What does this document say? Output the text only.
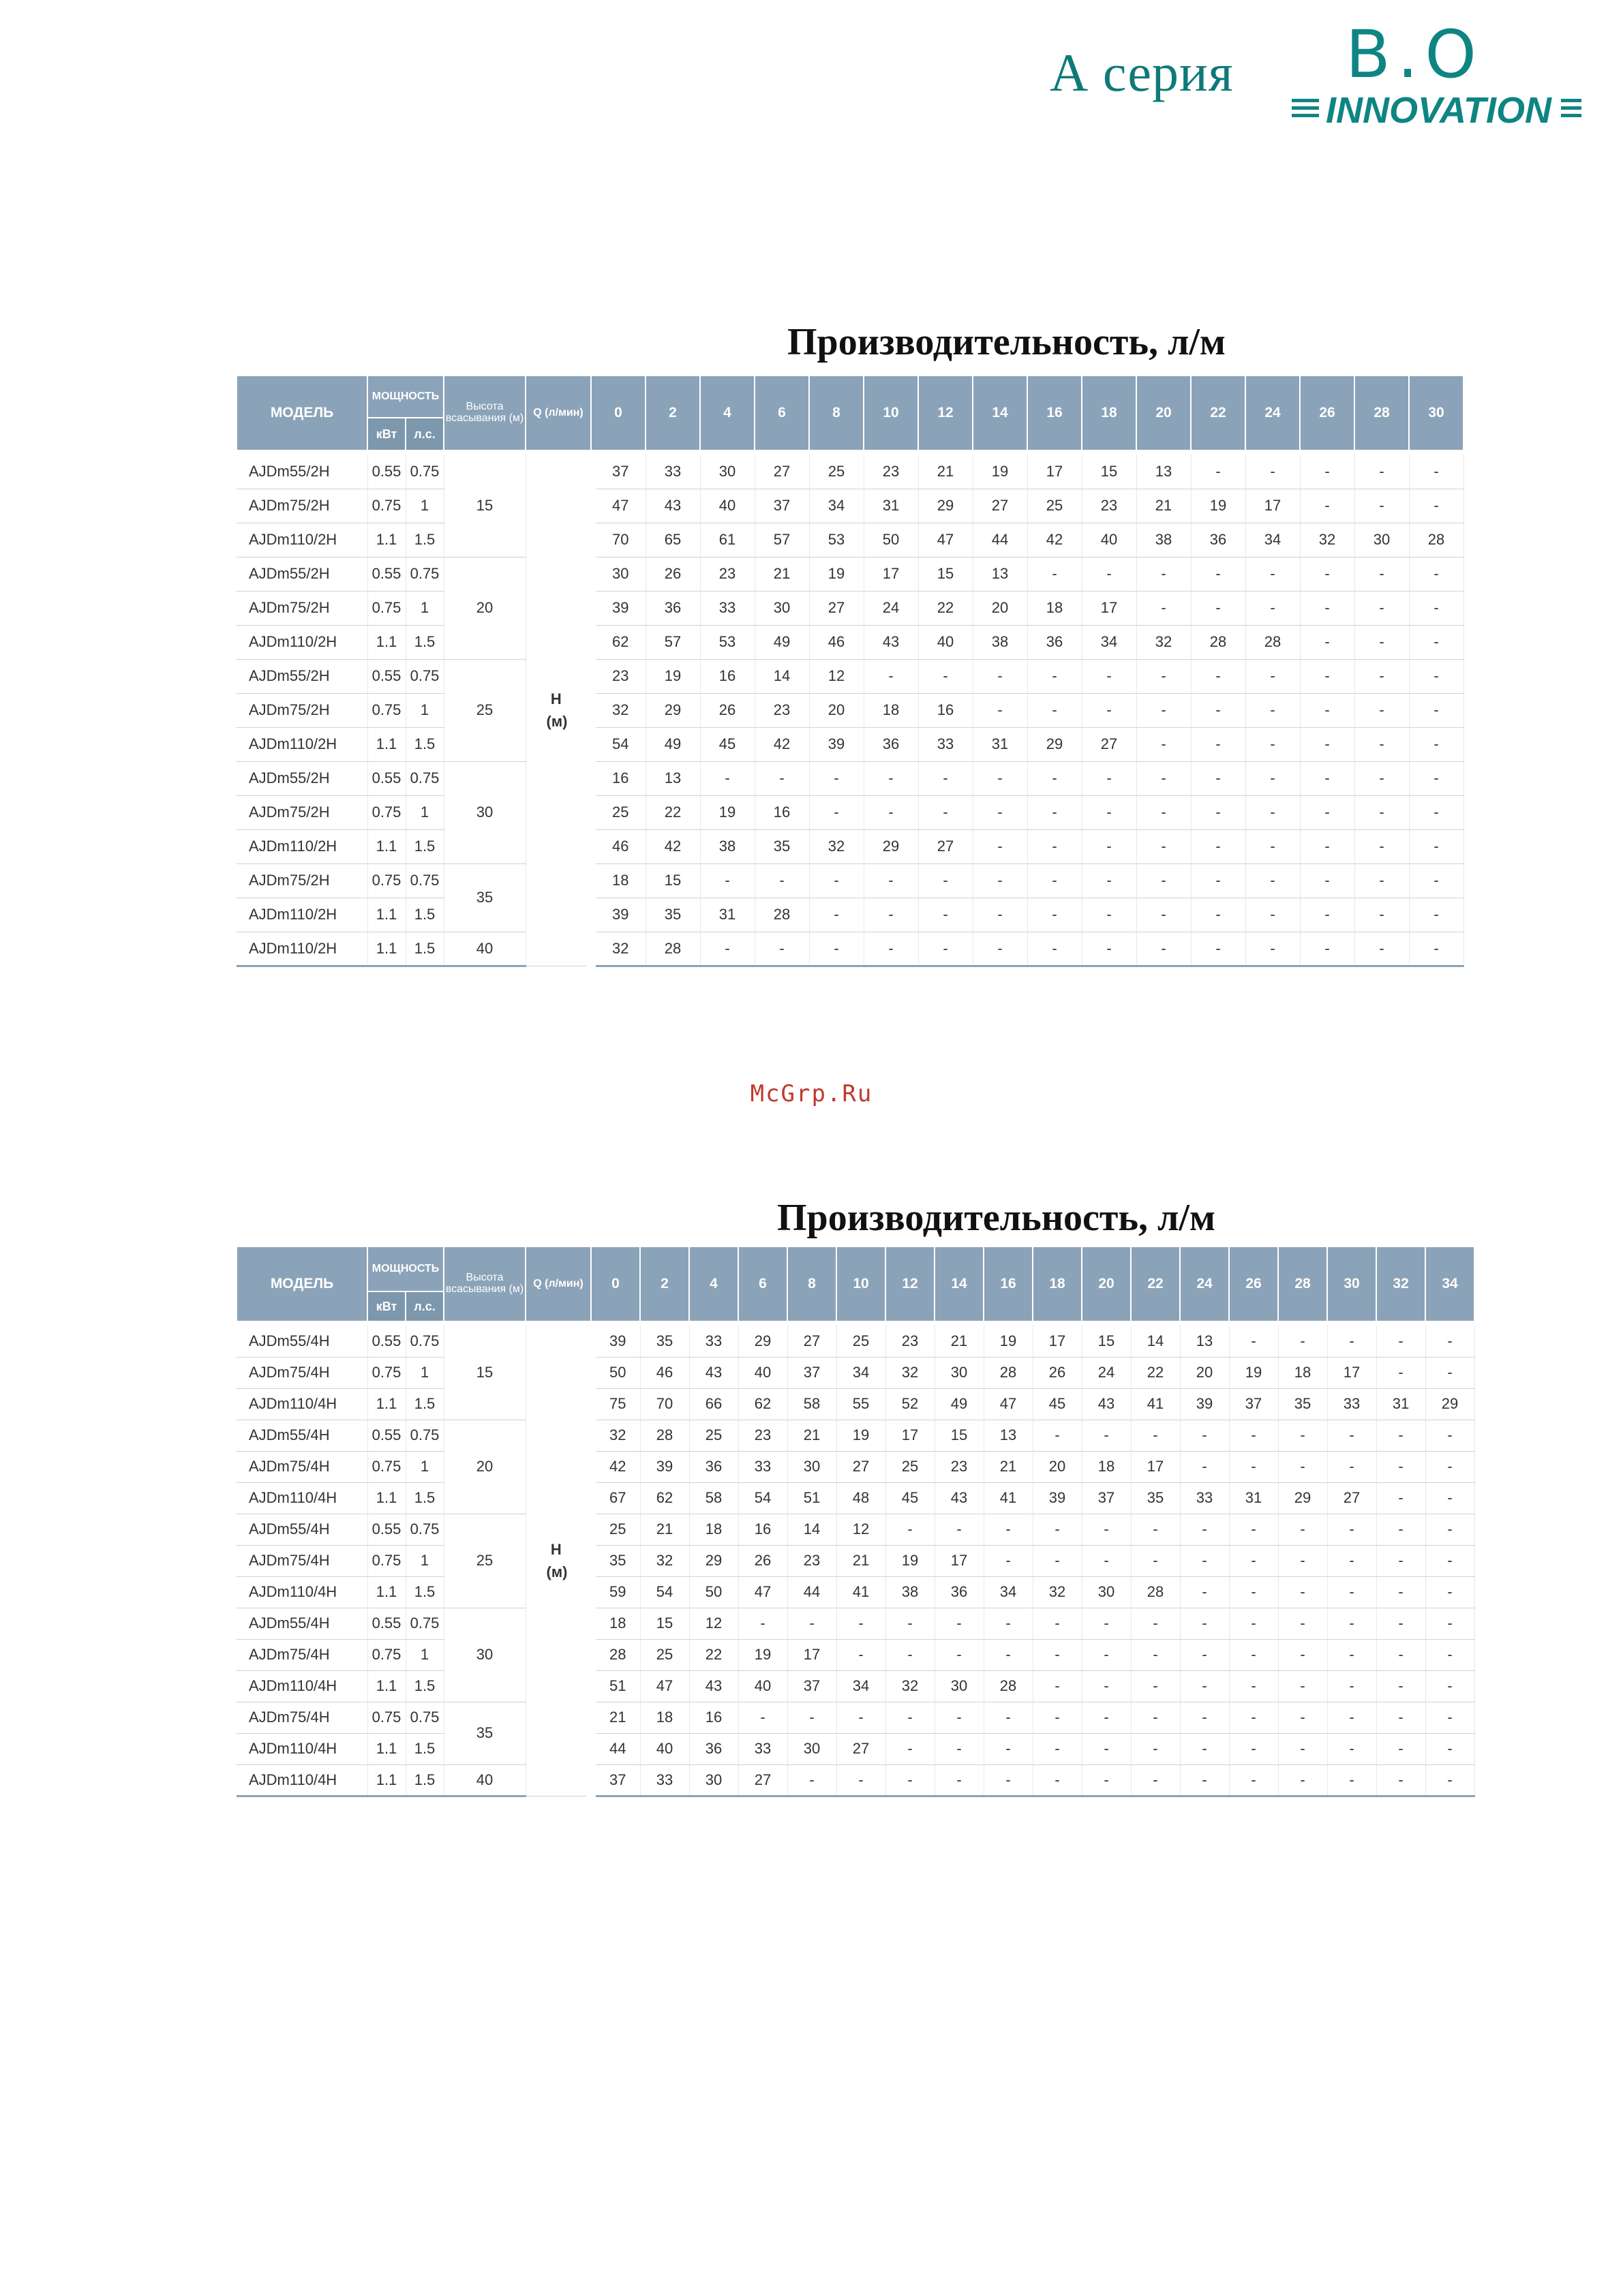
А серия B.O
INNOVATION
Производительность, л/м
МОДЕЛЬ	МОЩНОСТЬ		Высота всасывания (м)	Q (л/мин)	0	2	4	6	8	10	12	14	16	18	20	22	24	26	28	30
	кВт	л.с.																		

AJDm55/2H	0.55	0.75	15	H (м)	37	33	30	27	25	23	21	19	17	15	13	-	-	-	-	-
AJDm75/2H	0.75	1			47	43	40	37	34	31	29	27	25	23	21	19	17	-	-	-
AJDm110/2H	1.1	1.5			70	65	61	57	53	50	47	44	42	40	38	36	34	32	30	28
AJDm55/2H	0.55	0.75	20		30	26	23	21	19	17	15	13	-	-	-	-	-	-	-	-
AJDm75/2H	0.75	1			39	36	33	30	27	24	22	20	18	17	-	-	-	-	-	-
AJDm110/2H	1.1	1.5			62	57	53	49	46	43	40	38	36	34	32	28	28	-	-	-
AJDm55/2H	0.55	0.75	25		23	19	16	14	12	-	-	-	-	-	-	-	-	-	-	-
AJDm75/2H	0.75	1			32	29	26	23	20	18	16	-	-	-	-	-	-	-	-	-
AJDm110/2H	1.1	1.5			54	49	45	42	39	36	33	31	29	27	-	-	-	-	-	-
AJDm55/2H	0.55	0.75	30		16	13	-	-	-	-	-	-	-	-	-	-	-	-	-	-
AJDm75/2H	0.75	1			25	22	19	16	-	-	-	-	-	-	-	-	-	-	-	-
AJDm110/2H	1.1	1.5			46	42	38	35	32	29	27	-	-	-	-	-	-	-	-	-
AJDm75/2H	0.75	0.75	35		18	15	-	-	-	-	-	-	-	-	-	-	-	-	-	-
AJDm110/2H	1.1	1.5			39	35	31	28	-	-	-	-	-	-	-	-	-	-	-	-
AJDm110/2H	1.1	1.5	40		32	28	-	-	-	-	-	-	-	-	-	-	-	-	-	-
McGrp.Ru
Производительность, л/м
МОДЕЛЬ	МОЩНОСТЬ		Высота всасывания (м)	Q (л/мин)	0	2	4	6	8	10	12	14	16	18	20	22	24	26	28	30	32	34
	кВт	л.с.																				

AJDm55/4H	0.55	0.75	15	H (м)	39	35	33	29	27	25	23	21	19	17	15	14	13	-	-	-	-	-
AJDm75/4H	0.75	1			50	46	43	40	37	34	32	30	28	26	24	22	20	19	18	17	-	-
AJDm110/4H	1.1	1.5			75	70	66	62	58	55	52	49	47	45	43	41	39	37	35	33	31	29
AJDm55/4H	0.55	0.75	20		32	28	25	23	21	19	17	15	13	-	-	-	-	-	-	-	-	-
AJDm75/4H	0.75	1			42	39	36	33	30	27	25	23	21	20	18	17	-	-	-	-	-	-
AJDm110/4H	1.1	1.5			67	62	58	54	51	48	45	43	41	39	37	35	33	31	29	27	-	-
AJDm55/4H	0.55	0.75	25		25	21	18	16	14	12	-	-	-	-	-	-	-	-	-	-	-	-
AJDm75/4H	0.75	1			35	32	29	26	23	21	19	17	-	-	-	-	-	-	-	-	-	-
AJDm110/4H	1.1	1.5			59	54	50	47	44	41	38	36	34	32	30	28	-	-	-	-	-	-
AJDm55/4H	0.55	0.75	30		18	15	12	-	-	-	-	-	-	-	-	-	-	-	-	-	-	-
AJDm75/4H	0.75	1			28	25	22	19	17	-	-	-	-	-	-	-	-	-	-	-	-	-
AJDm110/4H	1.1	1.5			51	47	43	40	37	34	32	30	28	-	-	-	-	-	-	-	-	-
AJDm75/4H	0.75	0.75	35		21	18	16	-	-	-	-	-	-	-	-	-	-	-	-	-	-	-
AJDm110/4H	1.1	1.5			44	40	36	33	30	27	-	-	-	-	-	-	-	-	-	-	-	-
AJDm110/4H	1.1	1.5	40		37	33	30	27	-	-	-	-	-	-	-	-	-	-	-	-	-	-
